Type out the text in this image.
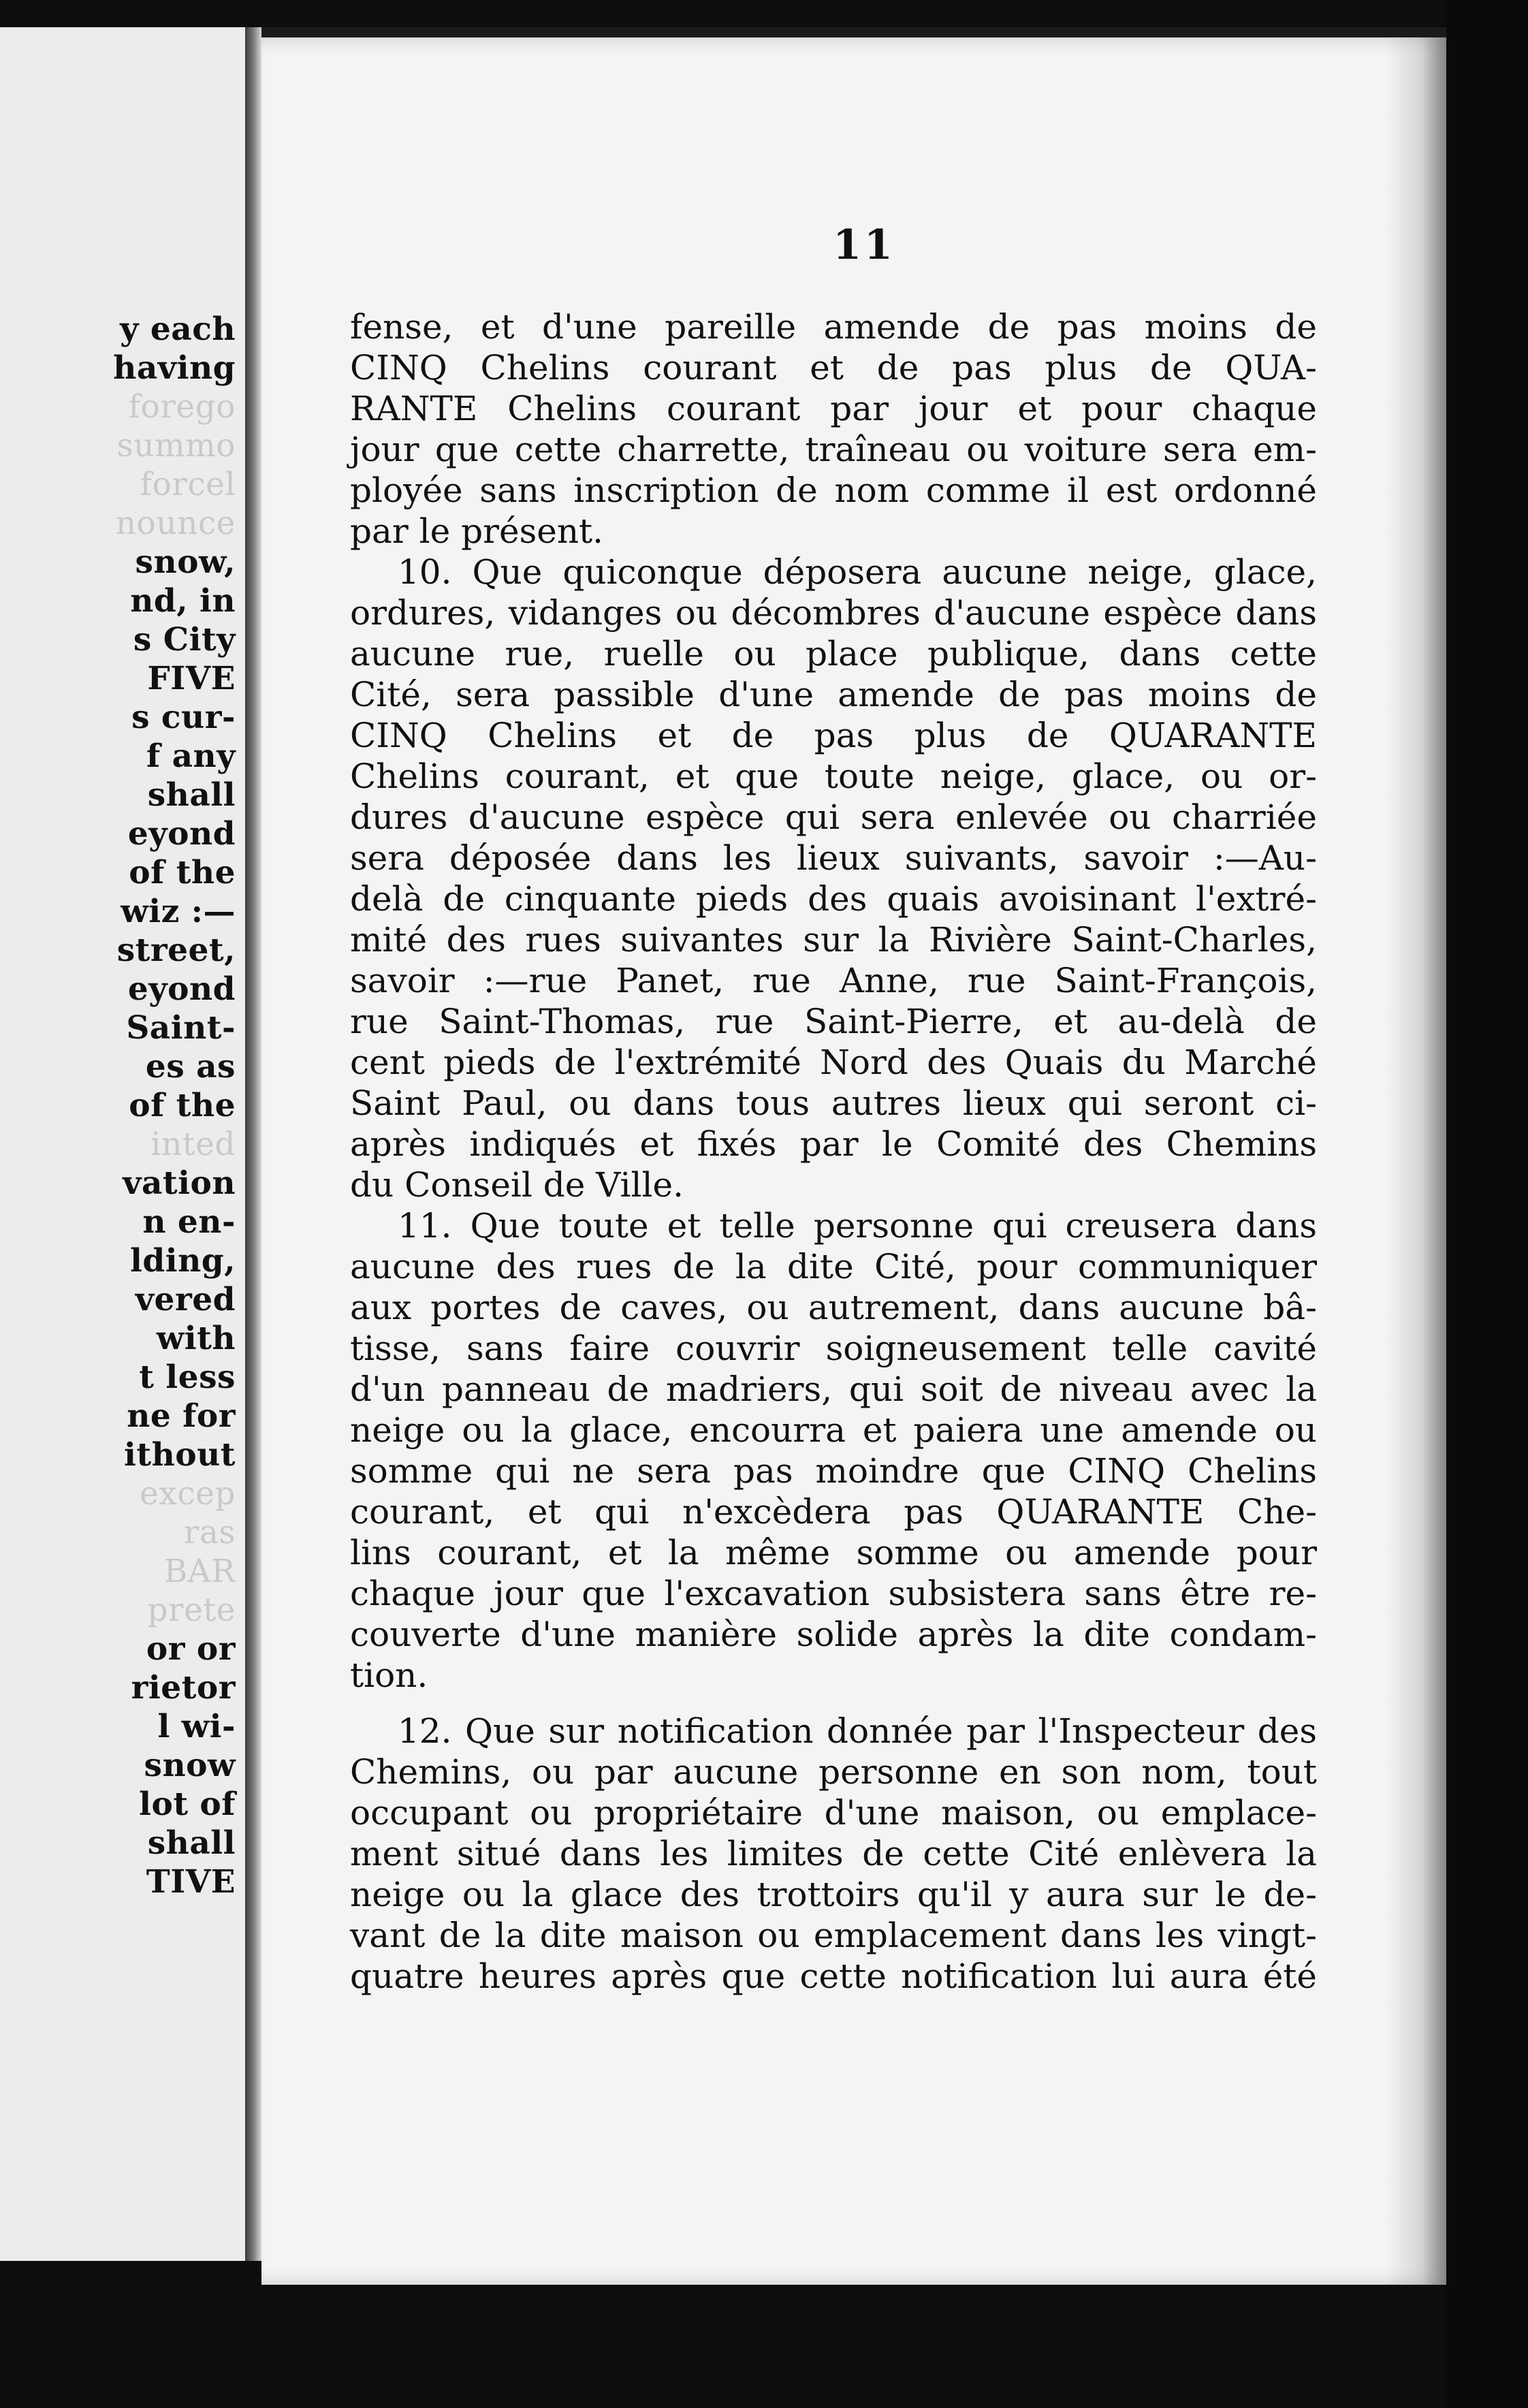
y each
having
forego
summo
forcel
nounce
snow,
nd, in
s City
FIVE
s cur-
f any
shall
eyond
of the
wiz :—
street,
eyond
Saint-
es as
of the
inted
vation
n en-
lding,
vered
with
t less
ne for
ithout
excep
ras
BAR
prete
or or
rietor
l wi-
snow
lot of
shall
TIVE
11
fense, et d'une pareille amende de pas moins de
CINQ Chelins courant et de pas plus de QUA-
RANTE Chelins courant par jour et pour chaque
jour que cette charrette, traîneau ou voiture sera em-
ployée sans inscription de nom comme il est ordonné
par le présent.
10. Que quiconque déposera aucune neige, glace,
ordures, vidanges ou décombres d'aucune espèce dans
aucune rue, ruelle ou place publique, dans cette
Cité, sera passible d'une amende de pas moins de
CINQ Chelins et de pas plus de QUARANTE
Chelins courant, et que toute neige, glace, ou or-
dures d'aucune espèce qui sera enlevée ou charriée
sera déposée dans les lieux suivants, savoir :—Au-
delà de cinquante pieds des quais avoisinant l'extré-
mité des rues suivantes sur la Rivière Saint-Charles,
savoir :—rue Panet, rue Anne, rue Saint-François,
rue Saint-Thomas, rue Saint-Pierre, et au-delà de
cent pieds de l'extrémité Nord des Quais du Marché
Saint Paul, ou dans tous autres lieux qui seront ci-
après indiqués et fixés par le Comité des Chemins
du Conseil de Ville.
11. Que toute et telle personne qui creusera dans
aucune des rues de la dite Cité, pour communiquer
aux portes de caves, ou autrement, dans aucune bâ-
tisse, sans faire couvrir soigneusement telle cavité
d'un panneau de madriers, qui soit de niveau avec la
neige ou la glace, encourra et paiera une amende ou
somme qui ne sera pas moindre que CINQ Chelins
courant, et qui n'excèdera pas QUARANTE Che-
lins courant, et la même somme ou amende pour
chaque jour que l'excavation subsistera sans être re-
couverte d'une manière solide après la dite condam-
tion.
12. Que sur notification donnée par l'Inspecteur des
Chemins, ou par aucune personne en son nom, tout
occupant ou propriétaire d'une maison, ou emplace-
ment situé dans les limites de cette Cité enlèvera la
neige ou la glace des trottoirs qu'il y aura sur le de-
vant de la dite maison ou emplacement dans les vingt-
quatre heures après que cette notification lui aura été
